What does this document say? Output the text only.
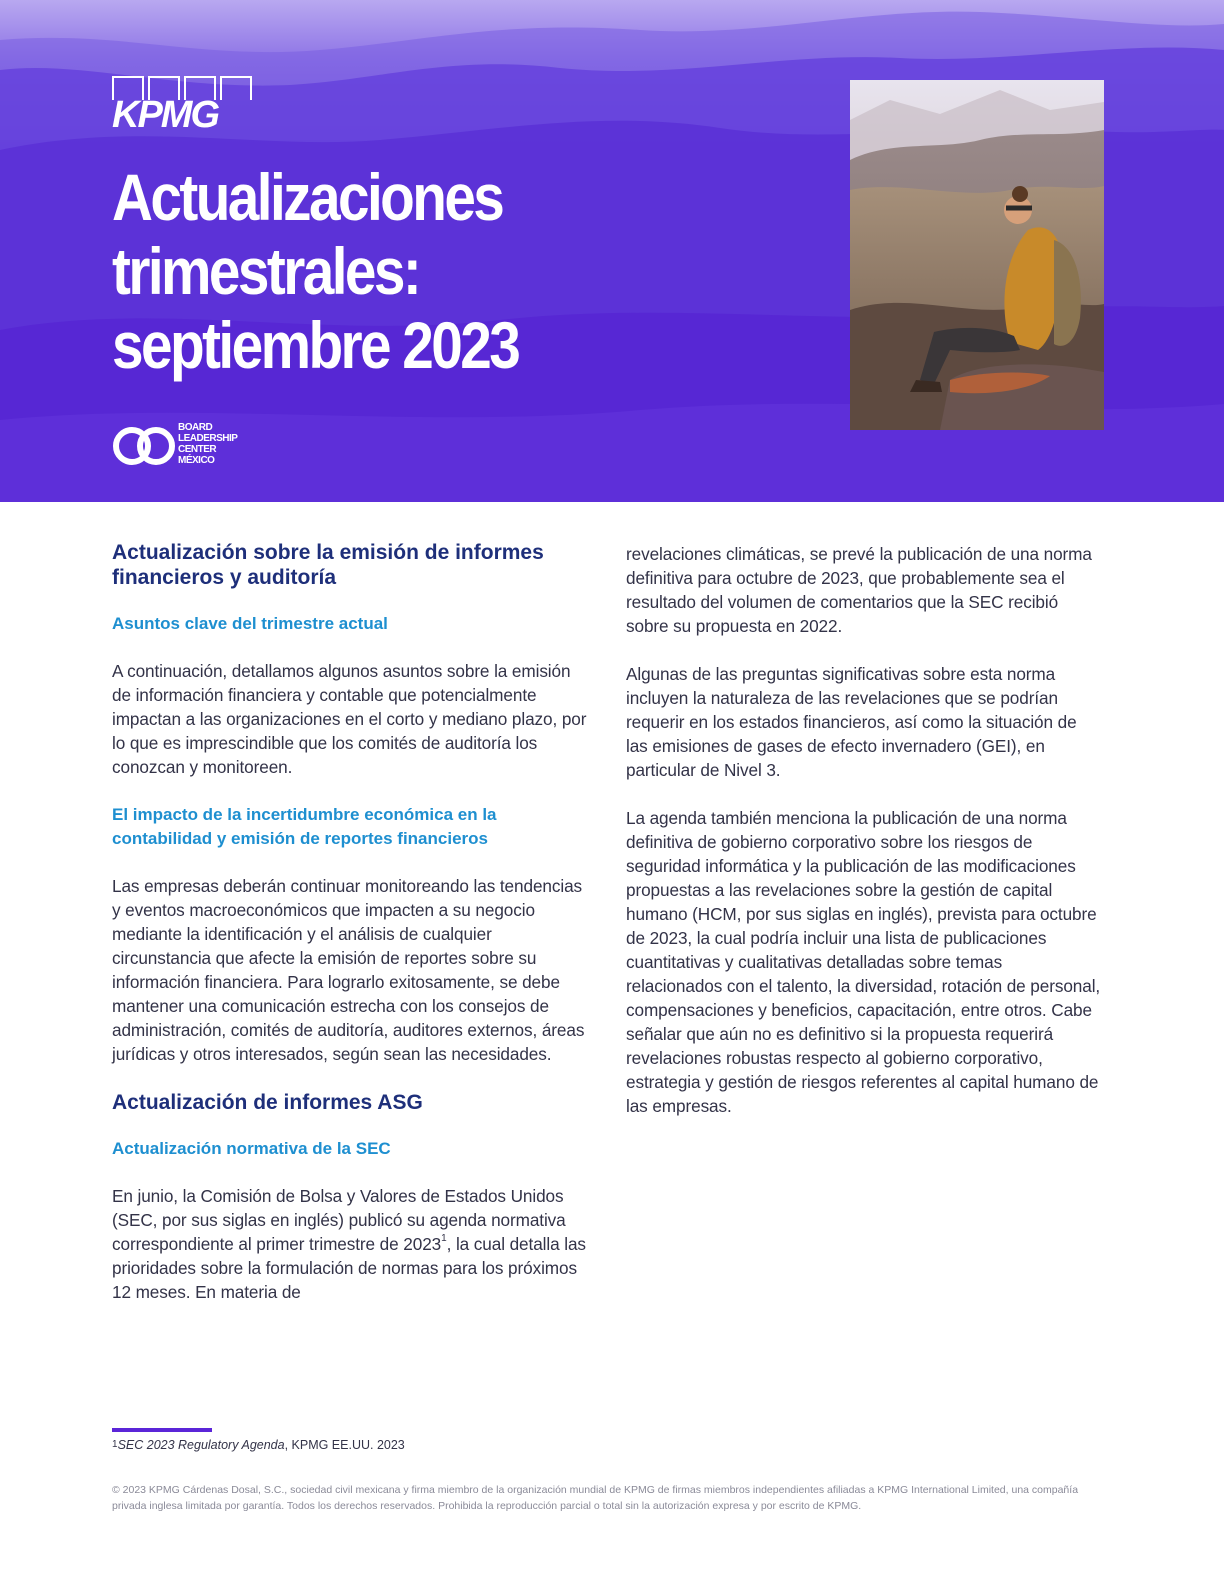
KPMG
Actualizaciones
trimestrales:
septiembre 2023
BOARD
LEADERSHIP
CENTER
MÉXICO
Actualización sobre la emisión de informes financieros y auditoría
Asuntos clave del trimestre actual

A continuación, detallamos algunos asuntos sobre la emisión de información financiera y contable que potencialmente impactan a las organizaciones en el corto y mediano plazo, por lo que es imprescindible que los comités de auditoría los conozcan y monitoreen.

El impacto de la incertidumbre económica en la contabilidad y emisión de reportes financieros

Las empresas deberán continuar monitoreando las tendencias y eventos macroeconómicos que impacten a su negocio mediante la identificación y el análisis de cualquier circunstancia que afecte la emisión de reportes sobre su información financiera. Para lograrlo exitosamente, se debe mantener una comunicación estrecha con los consejos de administración, comités de auditoría, auditores externos, áreas jurídicas y otros interesados, según sean las necesidades.

Actualización de informes ASG
Actualización normativa de la SEC

En junio, la Comisión de Bolsa y Valores de Estados Unidos (SEC, por sus siglas en inglés) publicó su agenda normativa correspondiente al primer trimestre de 2023$^1$, la cual detalla las prioridades sobre la formulación de normas para los próximos 12 meses. En materia de

revelaciones climáticas, se prevé la publicación de una norma definitiva para octubre de 2023, que probablemente sea el resultado del volumen de comentarios que la SEC recibió sobre su propuesta en 2022.

Algunas de las preguntas significativas sobre esta norma incluyen la naturaleza de las revelaciones que se podrían requerir en los estados financieros, así como la situación de las emisiones de gases de efecto invernadero (GEI), en particular de Nivel 3.

La agenda también menciona la publicación de una norma definitiva de gobierno corporativo sobre los riesgos de seguridad informática y la publicación de las modificaciones propuestas a las revelaciones sobre la gestión de capital humano (HCM, por sus siglas en inglés), prevista para octubre de 2023, la cual podría incluir una lista de publicaciones cuantitativas y cualitativas detalladas sobre temas relacionados con el talento, la diversidad, rotación de personal, compensaciones y beneficios, capacitación, entre otros. Cabe señalar que aún no es definitivo si la propuesta requerirá revelaciones robustas respecto al gobierno corporativo, estrategia y gestión de riesgos referentes al capital humano de las empresas.

$^1$SEC 2023 Regulatory Agenda, KPMG EE.UU. 2023
© 2023 KPMG Cárdenas Dosal, S.C., sociedad civil mexicana y firma miembro de la organización mundial de KPMG de firmas miembros independientes afiliadas a KPMG International Limited, una compañía privada inglesa limitada por garantía. Todos los derechos reservados. Prohibida la reproducción parcial o total sin la autorización expresa y por escrito de KPMG.
